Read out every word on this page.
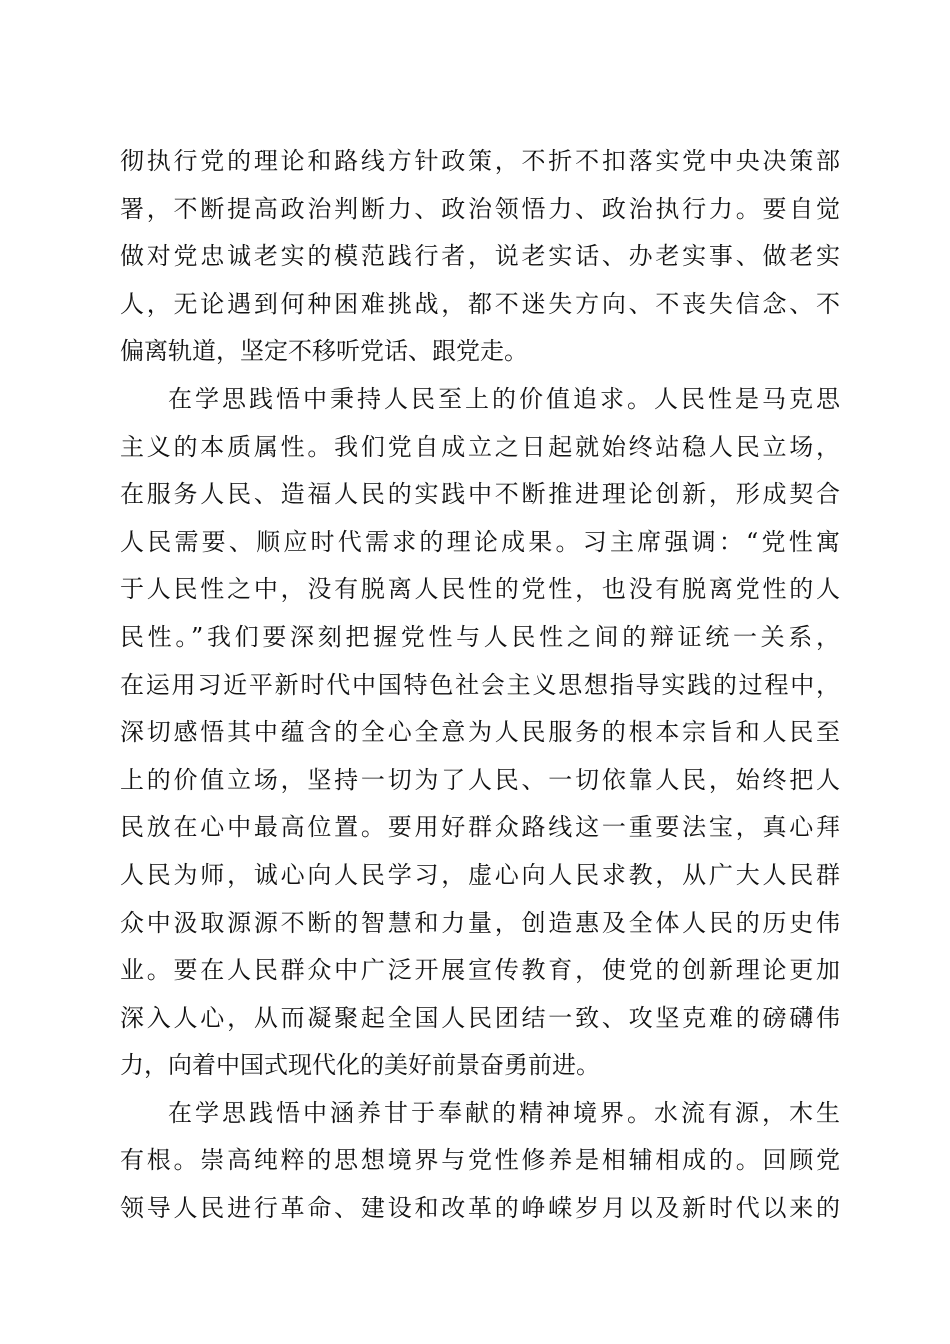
彻执行党的理论和路线方针政策，不折不扣落实党中央决策部
署，不断提高政治判断力、政治领悟力、政治执行力。要自觉
做对党忠诚老实的模范践行者，说老实话、办老实事、做老实
人，无论遇到何种困难挑战，都不迷失方向、不丧失信念、不
偏离轨道，坚定不移听党话、跟党走。
在学思践悟中秉持人民至上的价值追求。人民性是马克思
主义的本质属性。我们党自成立之日起就始终站稳人民立场，
在服务人民、造福人民的实践中不断推进理论创新，形成契合
人民需要、顺应时代需求的理论成果。习主席强调：“党性寓
于人民性之中，没有脱离人民性的党性，也没有脱离党性的人
民性。”我们要深刻把握党性与人民性之间的辩证统一关系，
在运用习近平新时代中国特色社会主义思想指导实践的过程中，
深切感悟其中蕴含的全心全意为人民服务的根本宗旨和人民至
上的价值立场，坚持一切为了人民、一切依靠人民，始终把人
民放在心中最高位置。要用好群众路线这一重要法宝，真心拜
人民为师，诚心向人民学习，虚心向人民求教，从广大人民群
众中汲取源源不断的智慧和力量，创造惠及全体人民的历史伟
业。要在人民群众中广泛开展宣传教育，使党的创新理论更加
深入人心，从而凝聚起全国人民团结一致、攻坚克难的磅礴伟
力，向着中国式现代化的美好前景奋勇前进。
在学思践悟中涵养甘于奉献的精神境界。水流有源，木生
有根。崇高纯粹的思想境界与党性修养是相辅相成的。回顾党
领导人民进行革命、建设和改革的峥嵘岁月以及新时代以来的
